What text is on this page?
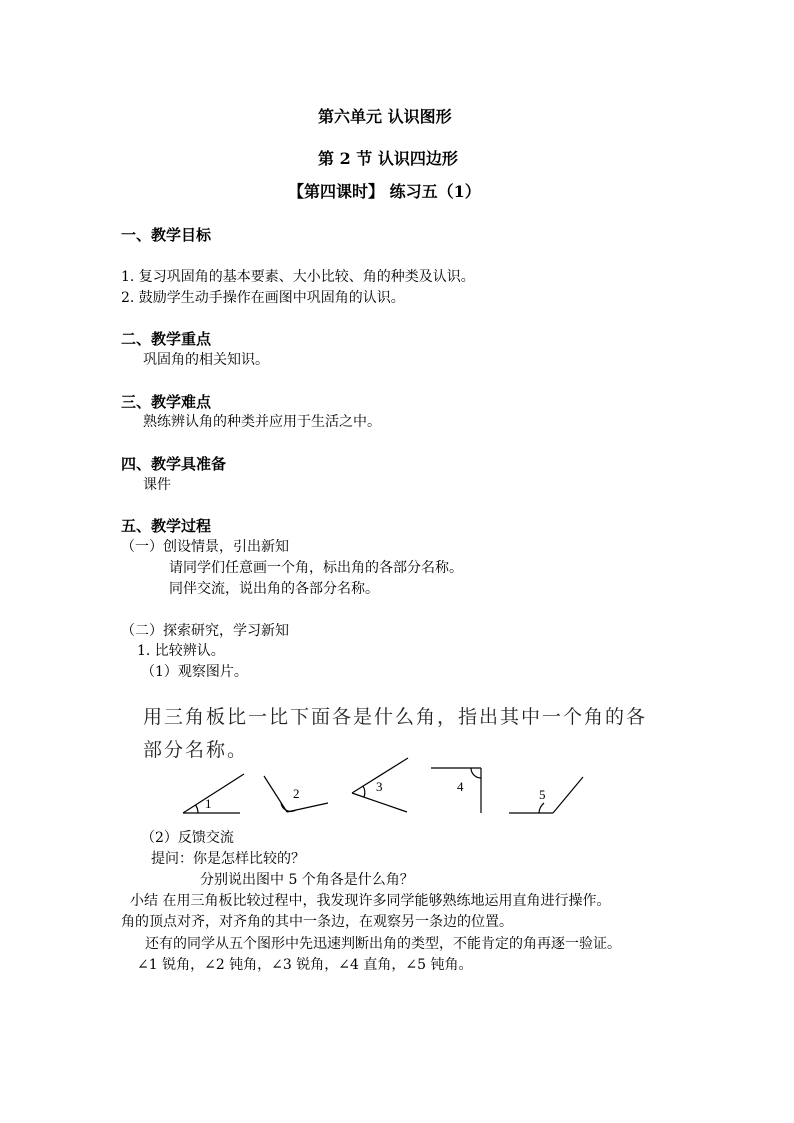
第六单元 认识图形
第 2 节 认识四边形
【第四课时】 练习五（1）
一、教学目标
1. 复习巩固角的基本要素、大小比较、角的种类及认识。
2. 鼓励学生动手操作在画图中巩固角的认识。
二、教学重点
巩固角的相关知识。
三、教学难点
熟练辨认角的种类并应用于生活之中。
四、教学具准备
课件
五、教学过程
（一）创设情景，引出新知
请同学们任意画一个角，标出角的各部分名称。
同伴交流，说出角的各部分名称。
（二）探索研究，学习新知
1. 比较辨认。
（1）观察图片。
用三角板比一比下面各是什么角，指出其中一个角的各
部分名称。
1
2	3	4
5
（2）反馈交流
提问：你是怎样比较的？
分别说出图中 5 个角各是什么角？
小结 在用三角板比较过程中，我发现许多同学能够熟练地运用直角进行操作。
角的顶点对齐，对齐角的其中一条边，在观察另一条边的位置。
还有的同学从五个图形中先迅速判断出角的类型，不能肯定的角再逐一验证。
∠1 锐角，∠2 钝角，∠3 锐角，∠4 直角，∠5 钝角。
